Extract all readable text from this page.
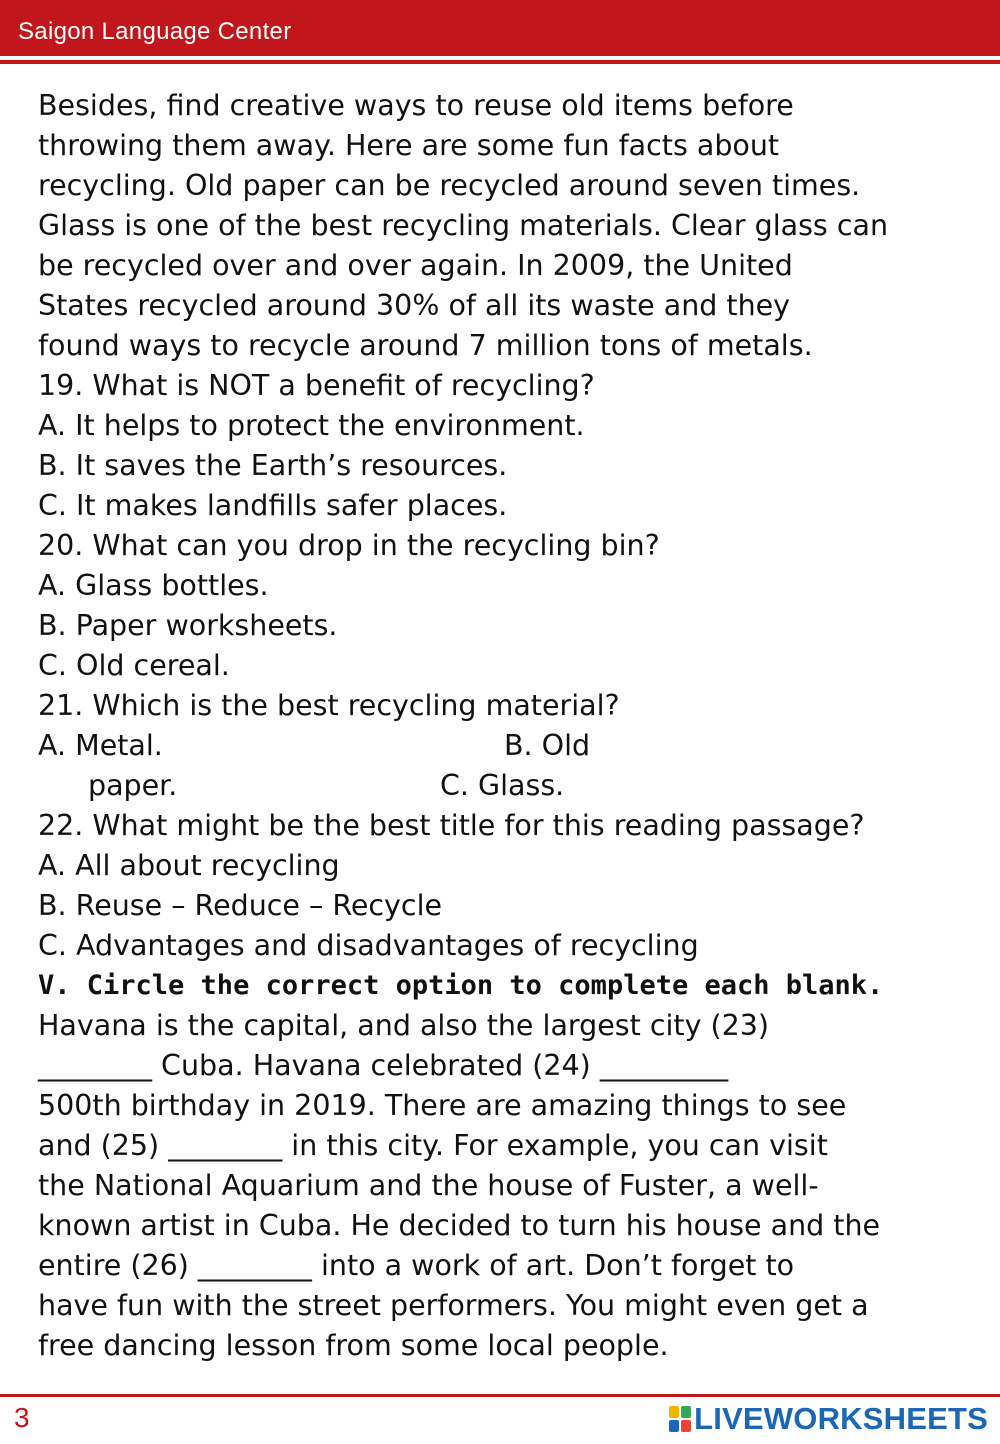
Saigon Language Center
Besides, find creative ways to reuse old items before
throwing them away. Here are some fun facts about
recycling. Old paper can be recycled around seven times.
Glass is one of the best recycling materials. Clear glass can
be recycled over and over again. In 2009, the United
States recycled around 30% of all its waste and they
found ways to recycle around 7 million tons of metals.
19. What is NOT a benefit of recycling?
A. It helps to protect the environment.
B. It saves the Earth’s resources.
C. It makes landfills safer places.
20. What can you drop in the recycling bin?
A. Glass bottles.
B. Paper worksheets.
C. Old cereal.
21. Which is the best recycling material?
A. Metal.	B. Old
paper.	C. Glass.
22. What might be the best title for this reading passage?
A. All about recycling
B. Reuse – Reduce – Recycle
C. Advantages and disadvantages of recycling
V. Circle the correct option to complete each blank.
Havana is the capital, and also the largest city (23)
________ Cuba. Havana celebrated (24) _________
500th birthday in 2019. There are amazing things to see
and (25) ________ in this city. For example, you can visit
the National Aquarium and the house of Fuster, a well-
known artist in Cuba. He decided to turn his house and the
entire (26) ________ into a work of art. Don’t forget to
have fun with the street performers. You might even get a
free dancing lesson from some local people.
3	LIVEWORKSHEETS
